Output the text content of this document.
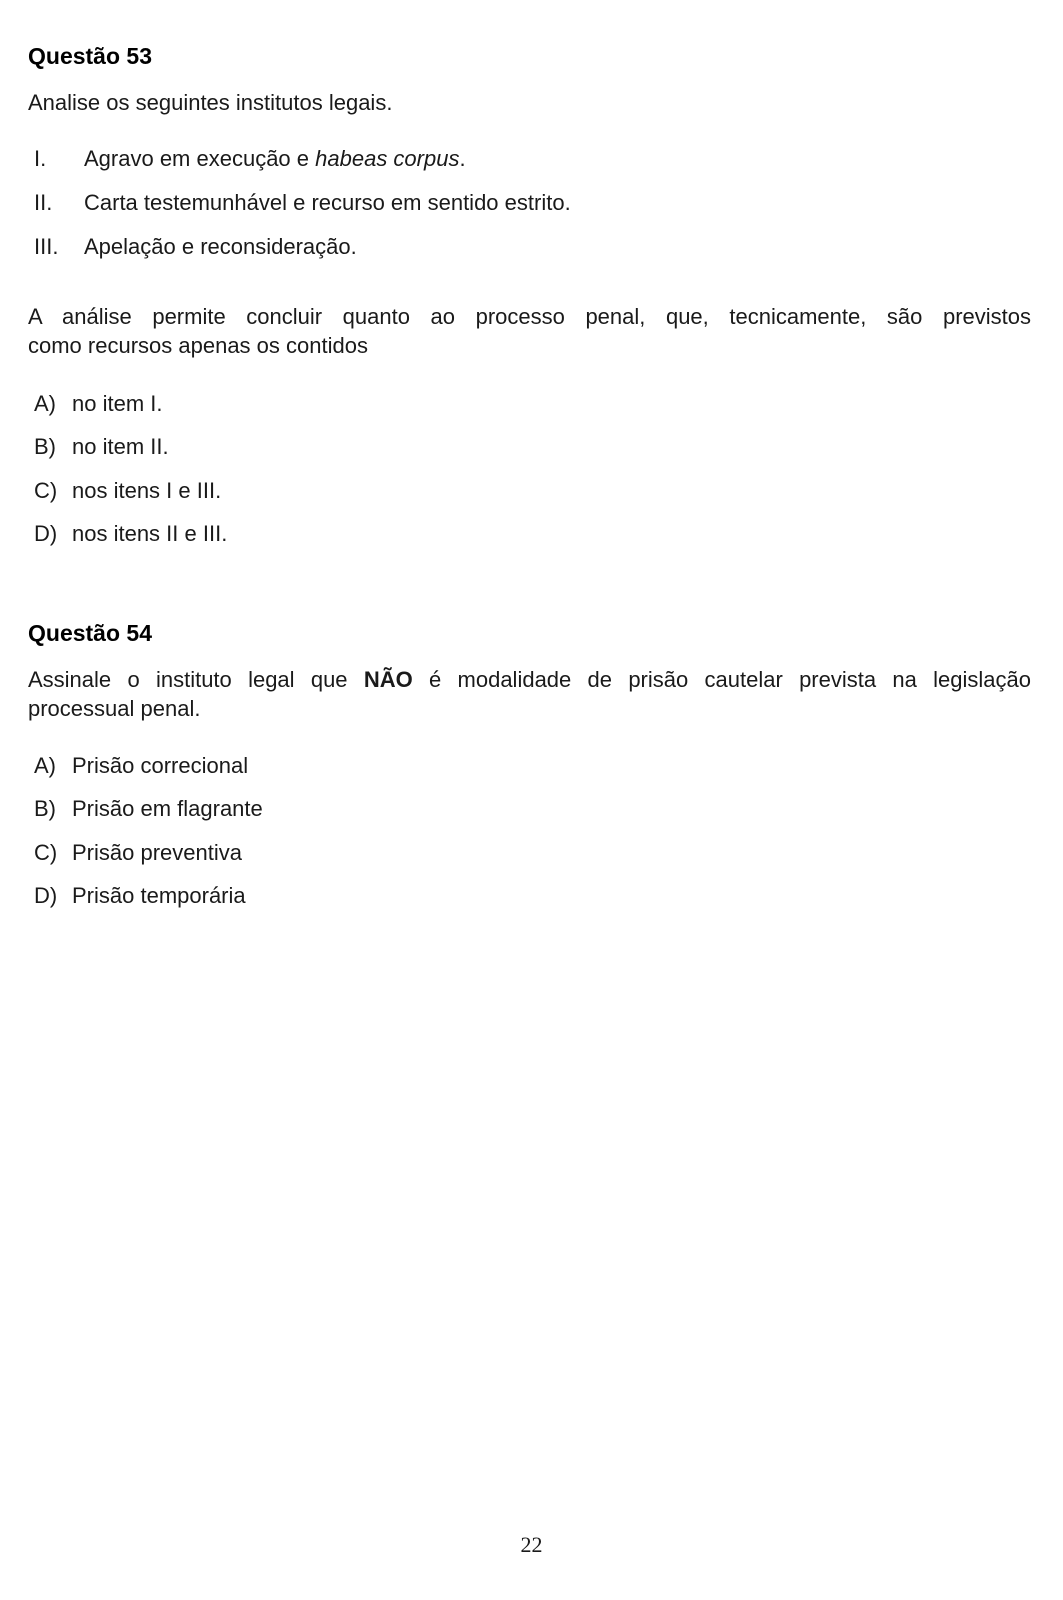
Questão 53

Analise os seguintes institutos legais.

I.	Agravo em execução e habeas corpus.
II.	Carta testemunhável e recurso em sentido estrito.
III.	Apelação e reconsideração.
A análise permite concluir quanto ao processo penal, que, tecnicamente, são previstos
como recursos apenas os contidos
A) no item I.
B) no item II.
C) nos itens I e III.
D) nos itens II e III.
Questão 54
Assinale o instituto legal que NÃO é modalidade de prisão cautelar prevista na legislação
processual penal.
A) Prisão correcional
B) Prisão em flagrante
C) Prisão preventiva
D) Prisão temporária
22
